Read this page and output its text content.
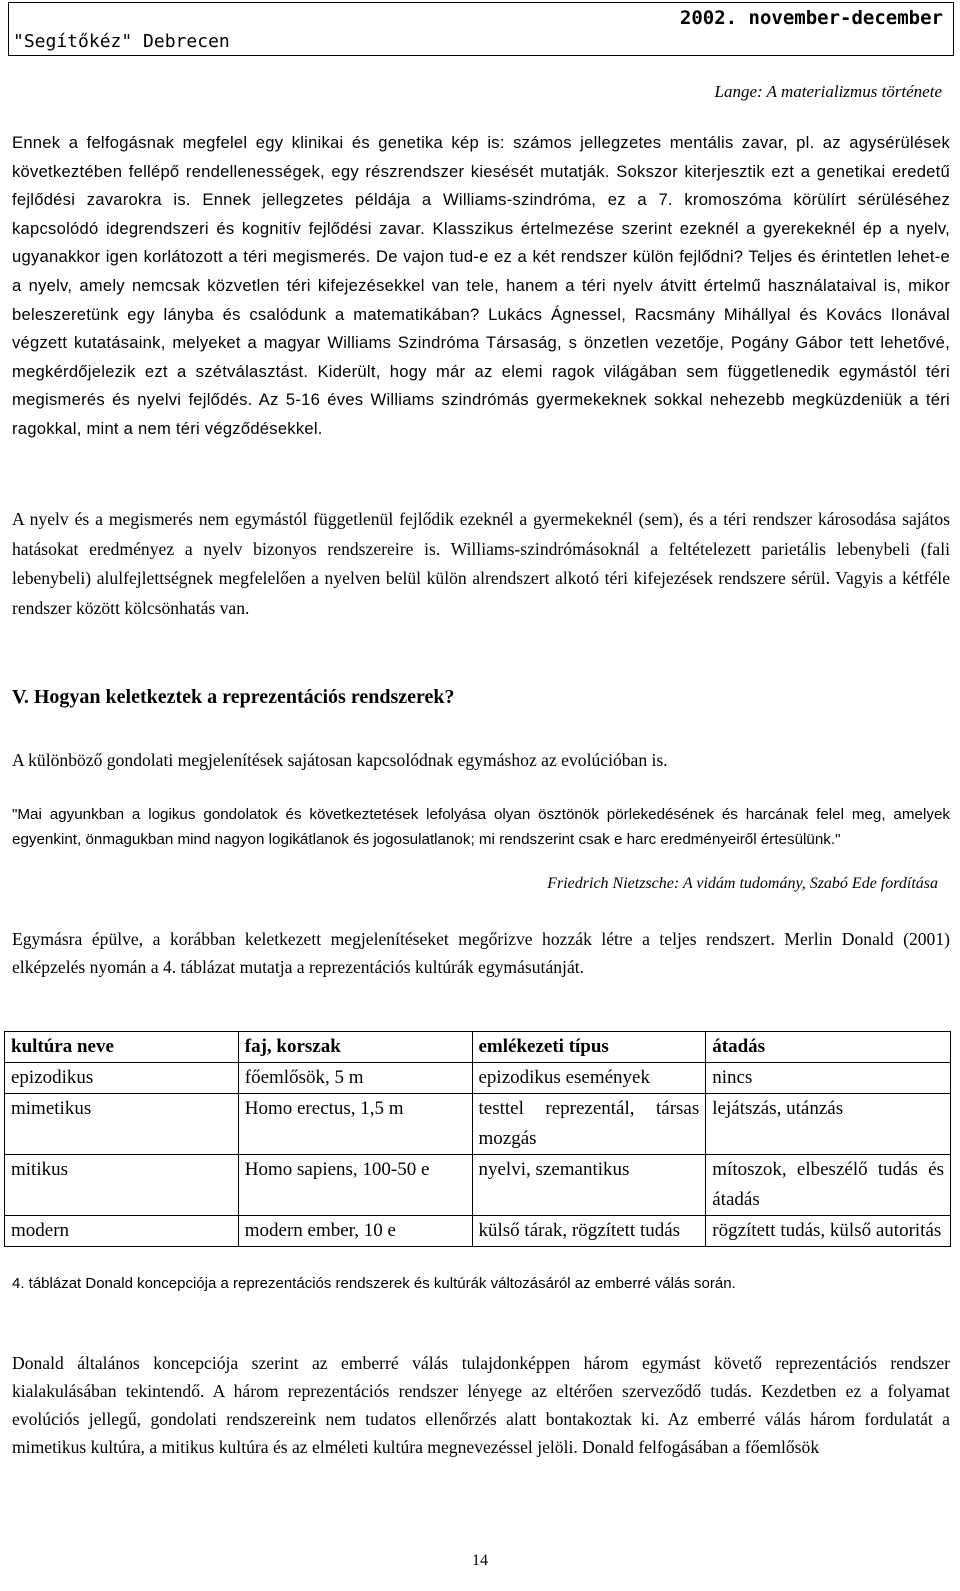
2002. november-december
"Segítőkéz" Debrecen
Lange: A materializmus története

Ennek a felfogásnak megfelel egy klinikai és genetika kép is: számos jellegzetes mentális zavar, pl. az agysérülések következtében fellépő rendellenességek, egy részrendszer kiesését mutatják. Sokszor kiterjesztik ezt a genetikai eredetű fejlődési zavarokra is. Ennek jellegzetes példája a Williams-szindróma, ez a 7. kromoszóma körülírt sérüléséhez kapcsolódó idegrendszeri és kognitív fejlődési zavar. Klasszikus értelmezése szerint ezeknél a gyerekeknél ép a nyelv, ugyanakkor igen korlátozott a téri megismerés. De vajon tud-e ez a két rendszer külön fejlődni? Teljes és érintetlen lehet-e a nyelv, amely nemcsak közvetlen téri kifejezésekkel van tele, hanem a téri nyelv átvitt értelmű használataival is, mikor beleszeretünk egy lányba és csalódunk a matematikában? Lukács Ágnessel, Racsmány Mihállyal és Kovács Ilonával végzett kutatásaink, melyeket a magyar Williams Szindróma Társaság, s önzetlen vezetője, Pogány Gábor tett lehetővé, megkérdőjelezik ezt a szétválasztást. Kiderült, hogy már az elemi ragok világában sem függetlenedik egymástól téri megismerés és nyelvi fejlődés. Az 5-16 éves Williams szindrómás gyermekeknek sokkal nehezebb megküzdeniük a téri ragokkal, mint a nem téri végződésekkel.

A nyelv és a megismerés nem egymástól függetlenül fejlődik ezeknél a gyermekeknél (sem), és a téri rendszer károsodása sajátos hatásokat eredményez a nyelv bizonyos rendszereire is. Williams-szindrómásoknál a feltételezett parietális lebenybeli (fali lebenybeli) alulfejlettségnek megfelelően a nyelven belül külön alrendszert alkotó téri kifejezések rendszere sérül. Vagyis a kétféle rendszer között kölcsönhatás van.

V. Hogyan keletkeztek a reprezentációs rendszerek?

A különböző gondolati megjelenítések sajátosan kapcsolódnak egymáshoz az evolúcióban is.

"Mai agyunkban a logikus gondolatok és következtetések lefolyása olyan ösztönök pörlekedésének és harcának felel meg, amelyek egyenkint, önmagukban mind nagyon logikátlanok és jogosulatlanok; mi rendszerint csak e harc eredményeiről értesülünk."

Friedrich Nietzsche: A vidám tudomány, Szabó Ede fordítása

Egymásra épülve, a korábban keletkezett megjelenítéseket megőrizve hozzák létre a teljes rendszert. Merlin Donald (2001) elképzelés nyomán a 4. táblázat mutatja a reprezentációs kultúrák egymásutánját.

kultúra neve	faj, korszak	emlékezeti típus	átadás
epizodikus	főemlősök, 5 m	epizodikus események	nincs
mimetikus	Homo erectus, 1,5 m	testtel reprezentál, társas mozgás	lejátszás, utánzás
mitikus	Homo sapiens, 100-50 e	nyelvi, szemantikus	mítoszok, elbeszélő tudás és átadás
modern	modern ember, 10 e	külső tárak, rögzített tudás	rögzített tudás, külső autoritás

4. táblázat Donald koncepciója a reprezentációs rendszerek és kultúrák változásáról az emberré válás során.

Donald általános koncepciója szerint az emberré válás tulajdonképpen három egymást követő reprezentációs rendszer kialakulásában tekintendő. A három reprezentációs rendszer lényege az eltérően szerveződő tudás. Kezdetben ez a folyamat evolúciós jellegű, gondolati rendszereink nem tudatos ellenőrzés alatt bontakoztak ki. Az emberré válás három fordulatát a mimetikus kultúra, a mitikus kultúra és az elméleti kultúra megnevezéssel jelöli. Donald felfogásában a főemlősök

14
